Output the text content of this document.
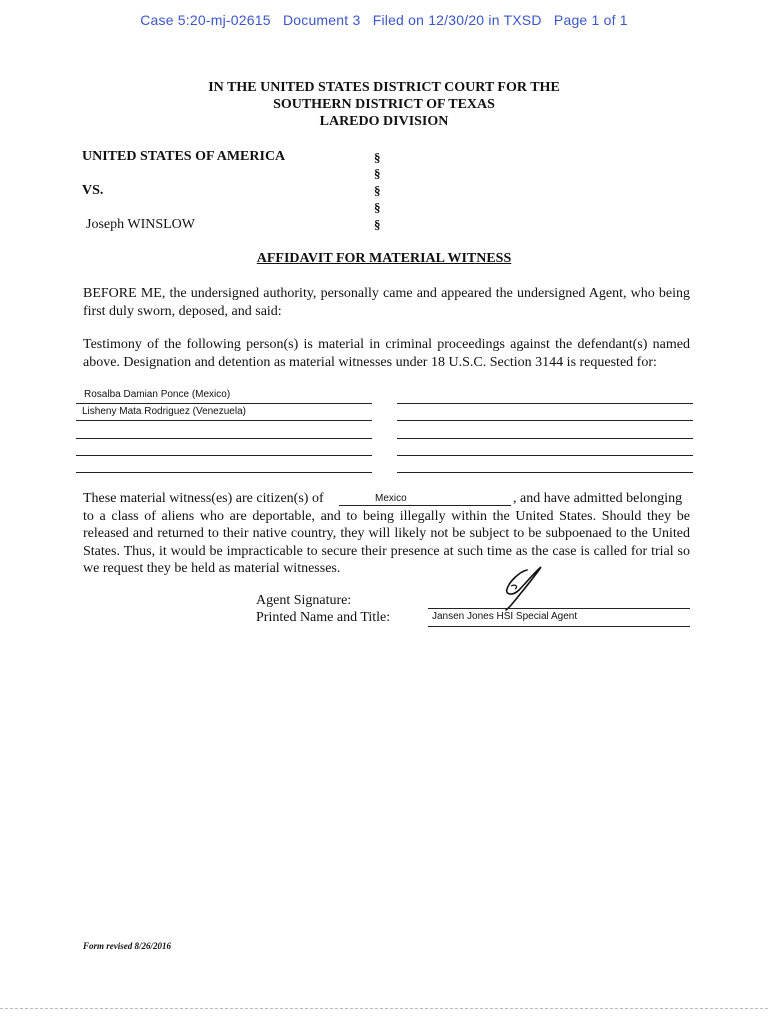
Case 5:20-mj-02615   Document 3   Filed on 12/30/20 in TXSD   Page 1 of 1
IN THE UNITED STATES DISTRICT COURT FOR THE
SOUTHERN DISTRICT OF TEXAS
LAREDO DIVISION
UNITED STATES OF AMERICA
VS.
Joseph WINSLOW
§
§
§
§
§
AFFIDAVIT FOR MATERIAL WITNESS
BEFORE ME, the undersigned authority, personally came and appeared the undersigned Agent, who being first duly sworn, deposed, and said:
Testimony of the following person(s) is material in criminal proceedings against the defendant(s) named above. Designation and detention as material witnesses under 18 U.S.C. Section 3144 is requested for:
Rosalba Damian Ponce (Mexico)
Lisheny Mata Rodriguez (Venezuela)
These material witness(es) are citizen(s) of	Mexico	, and have admitted belonging
to a class of aliens who are deportable, and to being illegally within the United States. Should they be released and returned to their native country, they will likely not be subject to be subpoenaed to the United States. Thus, it would be impracticable to secure their presence at such time as the case is called for trial so we request they be held as material witnesses.
Agent Signature:
Printed Name and Title:	Jansen Jones HSI Special Agent
Form revised 8/26/2016
